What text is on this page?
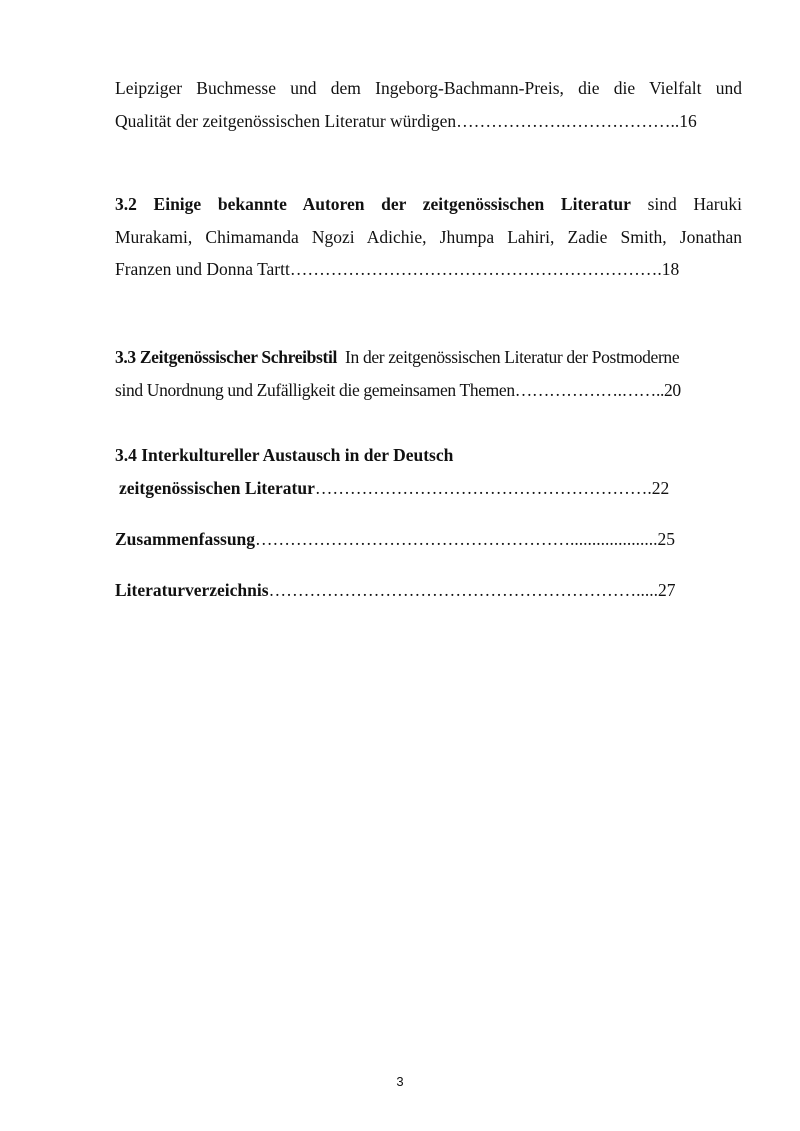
Leipziger Buchmesse und dem Ingeborg-Bachmann-Preis, die die Vielfalt und
Qualität der zeitgenössischen Literatur würdigen……………….………………..16
3.2 Einige bekannte Autoren der zeitgenössischen Literatur sind Haruki
Murakami, Chimamanda Ngozi Adichie, Jhumpa Lahiri, Zadie Smith, Jonathan
Franzen und Donna Tartt……………………………………………………….18
3.3 Zeitgenössischer Schreibstil In der zeitgenössischen Literatur der Postmoderne
sind Unordnung und Zufälligkeit die gemeinsamen Themen……………….……..20
3.4 Interkultureller Austausch in der Deutsch
zeitgenössischen Literatur………………………………………………….22
Zusammenfassung………………………………………………....................25
Literaturverzeichnis……………………………………………………….....27
3
